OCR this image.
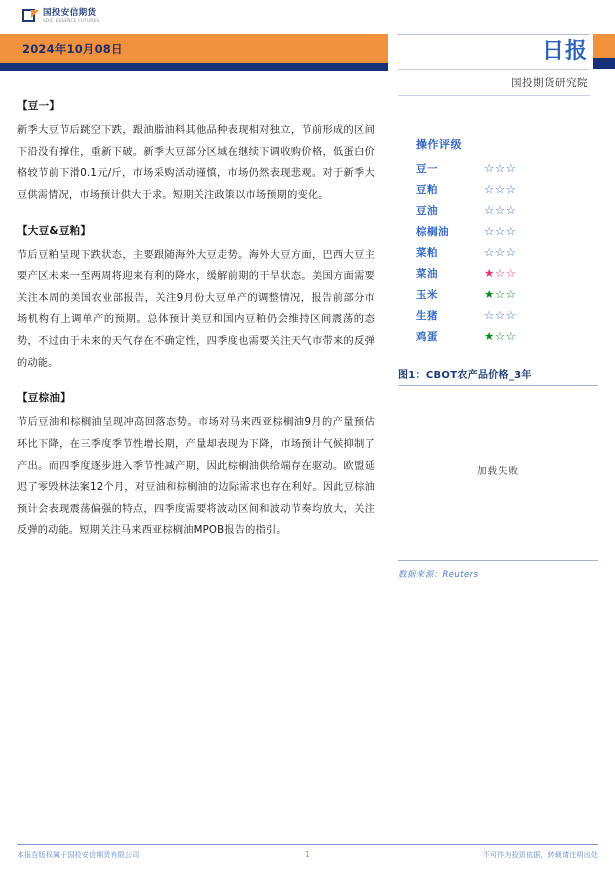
国投安信期货
SDIC ESSENCE FUTURES
2024年10月08日	日报
国投期货研究院
【豆一】
新季大豆节后跳空下跌，跟油脂油料其他品种表现相对独立，节前形成的区间下沿没有撑住，重新下破。新季大豆部分区域在继续下调收购价格，低蛋白价格较节前下滑0.1元/斤，市场采购活动谨慎，市场仍然表现悲观。对于新季大豆供需情况，市场预计供大于求。短期关注政策以市场预期的变化。
【大豆&豆粕】
节后豆粕呈现下跌状态，主要跟随海外大豆走势。海外大豆方面，巴西大豆主要产区未来一至两周将迎来有利的降水，缓解前期的干旱状态。美国方面需要关注本周的美国农业部报告，关注9月份大豆单产的调整情况，报告前部分市场机构有上调单产的预期。总体预计美豆和国内豆粕仍会维持区间震荡的态势，不过由于未来的天气存在不确定性，四季度也需要关注天气市带来的反弹的动能。
【豆棕油】
节后豆油和棕榈油呈现冲高回落态势。市场对马来西亚棕榈油9月的产量预估环比下降，在三季度季节性增长期，产量却表现为下降，市场预计气候抑制了产出。而四季度逐步进入季节性减产期，因此棕榈油供给端存在驱动。欧盟延迟了零毁林法案12个月，对豆油和棕榈油的边际需求也存在利好。因此豆棕油预计会表现震荡偏强的特点，四季度需要将波动区间和波动节奏均放大，关注反弹的动能。短期关注马来西亚棕榈油MPOB报告的指引。
操作评级
豆一	☆☆☆
豆粕	☆☆☆
豆油	☆☆☆
棕榈油	☆☆☆
菜粕	☆☆☆
菜油	★☆☆
玉米	★☆☆
生猪	☆☆☆
鸡蛋	★☆☆
图1：CBOT农产品价格_3年
加载失败
数据来源：Reuters
本报告版权属于国投安信期货有限公司	1	不可作为投资依据，转载请注明出处
